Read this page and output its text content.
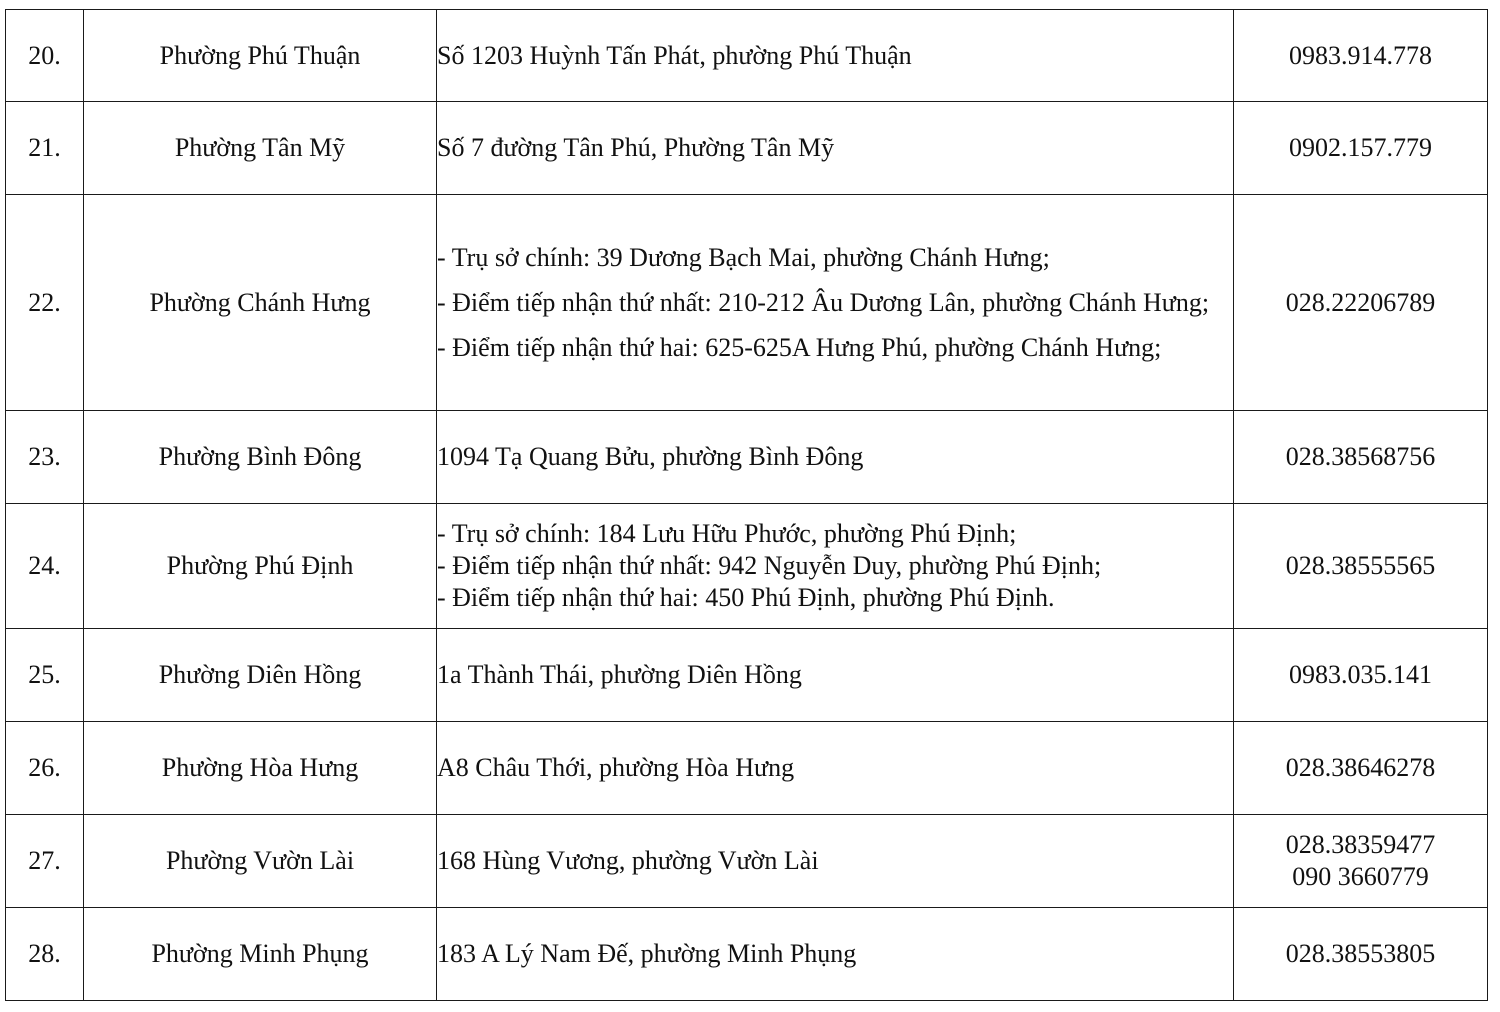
20.	Phường Phú Thuận	Số 1203 Huỳnh Tấn Phát, phường Phú Thuận	0983.914.778

21.	Phường Tân Mỹ	Số 7 đường Tân Phú, Phường Tân Mỹ	0902.157.779

22.	Phường Chánh Hưng	- Trụ sở chính: 39 Dương Bạch Mai, phường Chánh Hưng;
- Điểm tiếp nhận thứ nhất: 210-212 Âu Dương Lân, phường Chánh Hưng;
- Điểm tiếp nhận thứ hai: 625-625A Hưng Phú, phường Chánh Hưng;	028.22206789

23.	Phường Bình Đông	1094 Tạ Quang Bửu, phường Bình Đông	028.38568756

24.	Phường Phú Định	- Trụ sở chính: 184 Lưu Hữu Phước, phường Phú Định;
- Điểm tiếp nhận thứ nhất: 942 Nguyễn Duy, phường Phú Định;
- Điểm tiếp nhận thứ hai: 450 Phú Định, phường Phú Định.	028.38555565

25.	Phường Diên Hồng	1a Thành Thái, phường Diên Hồng	0983.035.141

26.	Phường Hòa Hưng	A8 Châu Thới, phường Hòa Hưng	028.38646278

27.	Phường Vườn Lài	168 Hùng Vương, phường Vườn Lài	028.38359477
090 3660779

28.	Phường Minh Phụng	183 A Lý Nam Đế, phường Minh Phụng	028.38553805
